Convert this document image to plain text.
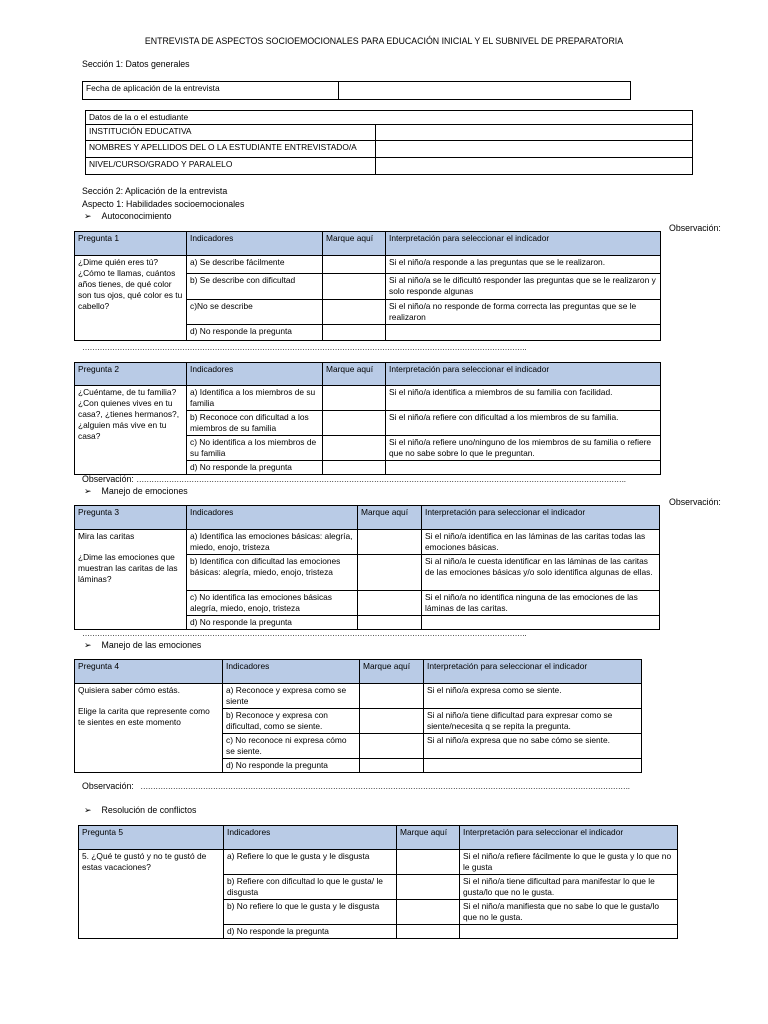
ENTREVISTA DE ASPECTOS SOCIOEMOCIONALES PARA EDUCACIÓN INICIAL Y EL SUBNIVEL DE PREPARATORIA
Sección 1: Datos generales
Fecha de aplicación de la entrevista	
Datos de la o el estudiante	
INSTITUCIÓN EDUCATIVA	
NOMBRES Y APELLIDOS DEL O LA ESTUDIANTE ENTREVISTADO/A	
NIVEL/CURSO/GRADO Y PARALELO	
Sección 2: Aplicación de la entrevista
Aspecto 1: Habilidades socioemocionales
➢ Autoconocimiento
Observación:
Pregunta 1	Indicadores	Marque aquí	Interpretación para seleccionar el indicador
¿Dime quién eres tú? ¿Cómo te llamas, cuántos años tienes, de qué color son tus ojos, qué color es tu cabello?	a) Se describe fácilmente		Si el niño/a responde a las preguntas que se le realizaron.
	b) Se describe con dificultad		Si al niño/a se le dificultó responder las preguntas que se le realizaron y solo responde algunas
	c)No se describe		Si el niño/a no responde de forma correcta las preguntas que se le realizaron
	d) No responde la pregunta		
…………………………………………………………………………………………………………………………………………………………….
Pregunta 2	Indicadores	Marque aquí	Interpretación para seleccionar el indicador
¿Cuéntame, de tu familia? ¿Con quienes vives en tu casa?, ¿tienes hermanos?, ¿alguien más vive en tu casa?	a) Identifica a los miembros de su familia		Si el niño/a identifica a miembros de su familia con facilidad.
	b) Reconoce con dificultad a los miembros de su familia		Si el niño/a refiere con dificultad a los miembros de su familia.
	c) No identifica a los miembros de su familia		Si el niño/a refiere uno/ninguno de los miembros de su familia o refiere que no sabe sobre lo que le preguntan.
	d) No responde la pregunta		
Observación: …………………………………………………………………………………………………………………………………………………………………………….
➢ Manejo de emociones
Observación:
Pregunta 3	Indicadores	Marque aquí	Interpretación para seleccionar el indicador

Mira las caritas
¿Dime las emociones que muestran las caritas de las láminas?	a) Identifica las emociones básicas: alegría, miedo, enojo, tristeza		Si el niño/a identifica en las láminas de las caritas todas las emociones básicas.
	b) Identifica con dificultad las emociones básicas: alegría, miedo, enojo, tristeza		Si al niño/a le cuesta identificar en las láminas de las caritas de las emociones básicas y/o solo identifica algunas de ellas.
	c) No identifica las emociones básicas alegría, miedo, enojo, tristeza		Si el niño/a no identifica ninguna de las emociones de las láminas de las caritas.
	d) No responde la pregunta		
…………………………………………………………………………………………………………………………………………………………….
➢ Manejo de las emociones
Pregunta 4	Indicadores	Marque aquí	Interpretación para seleccionar el indicador

Quisiera saber cómo estás.
Elige la carita que represente como te sientes en este momento	a) Reconoce y expresa como se siente		Si el niño/a expresa como se siente.
	b) Reconoce y expresa con dificultad, como se siente.		Si al niño/a tiene dificultad para expresar como se siente/necesita q se repita la pregunta.
	c) No reconoce ni expresa cómo se siente.		Si al niño/a expresa que no sabe cómo se siente.
	d) No responde la pregunta		
Observación: …………………………………………………………………………………………………………………………………………………………………………….
➢ Resolución de conflictos
Pregunta 5	Indicadores	Marque aquí	Interpretación para seleccionar el indicador
5. ¿Qué te gustó y no te gustó de estas vacaciones?	a) Refiere lo que le gusta y le disgusta		Si el niño/a refiere fácilmente lo que le gusta y lo que no le gusta
	b) Refiere con dificultad lo que le gusta/ le disgusta		Si el niño/a tiene dificultad para manifestar lo que le gusta/lo que no le gusta.
	b) No refiere lo que le gusta y le disgusta		Si el niño/a manifiesta que no sabe lo que le gusta/lo que no le gusta.
	d) No responde la pregunta		
